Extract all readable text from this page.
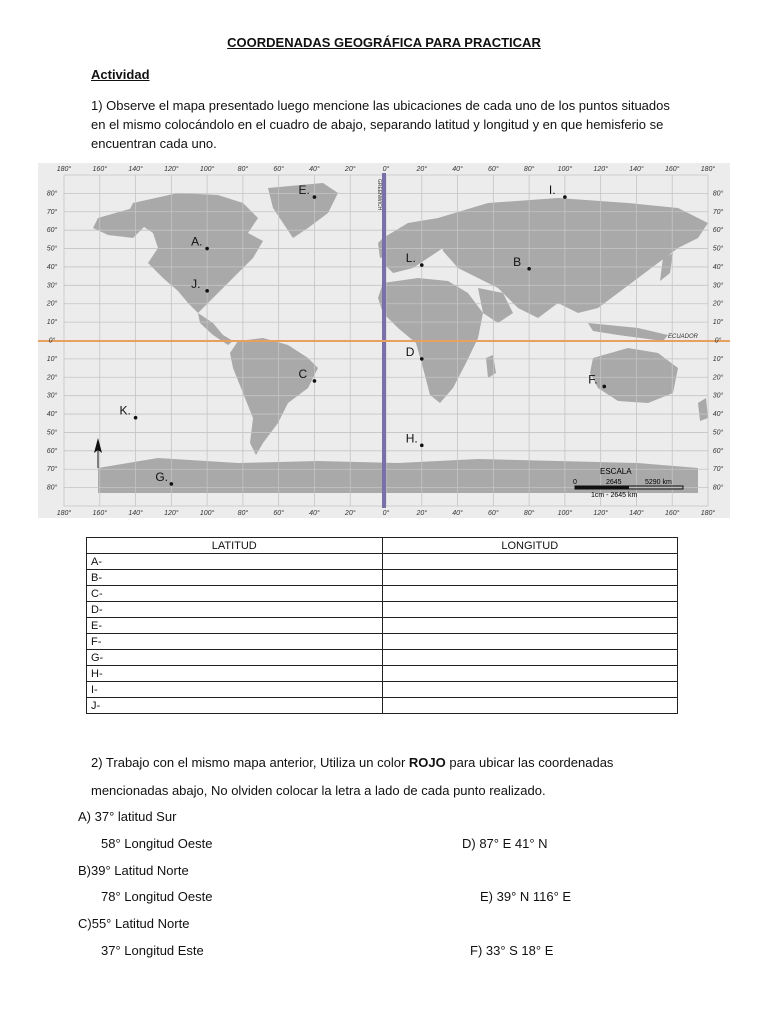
COORDENADAS GEOGRÁFICA PARA PRACTICAR
Actividad
1) Observe el mapa presentado luego mencione las ubicaciones de cada uno de los puntos situados en el mismo colocándolo en el cuadro de abajo, separando latitud y longitud y en que hemisferio se encuentran cada uno.
GREENWICH
ECUADOR
180°
180°
160°
160°
140°
140°
120°
120°
100°
100°
80°
80°
60°
60°
40°
40°
20°
20°
0°
0°
20°
20°
40°
40°
60°
60°
80°
80°
100°
100°
120°
120°
140°
140°
160°
160°
180°
180°
80°	80°
70°	70°
60°	60°
50°	50°
40°	40°
30°	30°
20°	20°
10°	10°
0°	0°
10°	10°
20°	20°
30°	30°
40°	40°
50°	50°
60°	60°
70°	70°
80°	80°
A.
B
C
D
E.
F.
G.
H.
I.
J.
K.
L.
ESCALA
0	2645	5290 km
1cm - 2645 km
LATITUD	LONGITUD
A-	
B-	
C-	
D-	
E-	
F-	
G-	
H-	
I-	
J-	
2) Trabajo con el mismo mapa anterior, Utiliza un color ROJO para ubicar las coordenadas
mencionadas abajo, No olviden colocar la letra a lado de cada punto realizado.
A) 37° latitud Sur
58° Longitud Oeste	D) 87° E 41° N
B)39° Latitud Norte
78° Longitud Oeste	E) 39° N 116° E
C)55° Latitud Norte
37° Longitud Este	F) 33° S 18° E
